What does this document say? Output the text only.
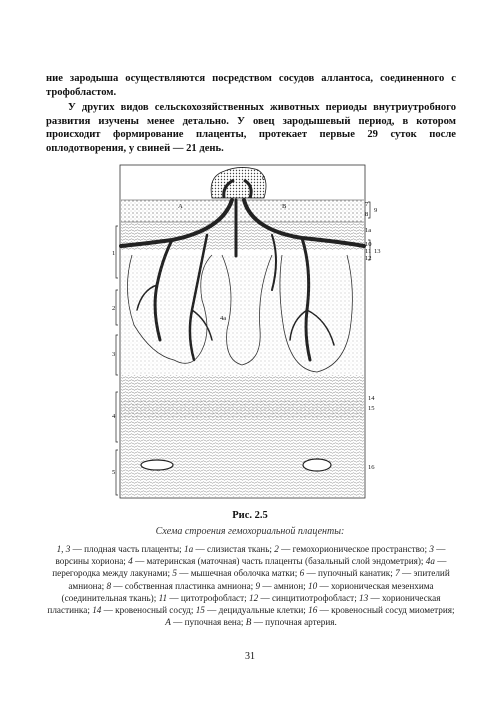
ние зародыша осуществляются посредством сосудов аллантоса, соединенного с трофобластом.

У других видов сельскохозяйственных животных периоды внутриутробного развития изучены менее детально. У овец зародышевый период, в котором происходит формирование плаценты, протекает первые 29 суток после оплодотворения, у свиней — 21 день.

А	В
6
4а
1
2
3
4
5
7
8
9
1а
10
11
12
13
14
15
16
Рис. 2.5
Схема строения гемохориальной плаценты:
1, 3 — плодная часть плаценты; 1а — слизистая ткань; 2 — гемохорионическое пространство; 3 — ворсины хориона; 4 — материнская (маточная) часть плаценты (базальный слой эндометрия); 4а — перегородка между лакунами; 5 — мышечная оболочка матки; 6 — пупочный канатик; 7 — эпителий амниона; 8 — собственная пластинка амниона; 9 — амнион; 10 — хорионическая мезенхима (соединительная ткань); 11 — цитотрофобласт; 12 — синцитиотрофобласт; 13 — хорионическая пластинка; 14 — кровеносный сосуд; 15 — децидуальные клетки; 16 — кровеносный сосуд миометрия; А — пупочная вена; В — пупочная артерия.
31
